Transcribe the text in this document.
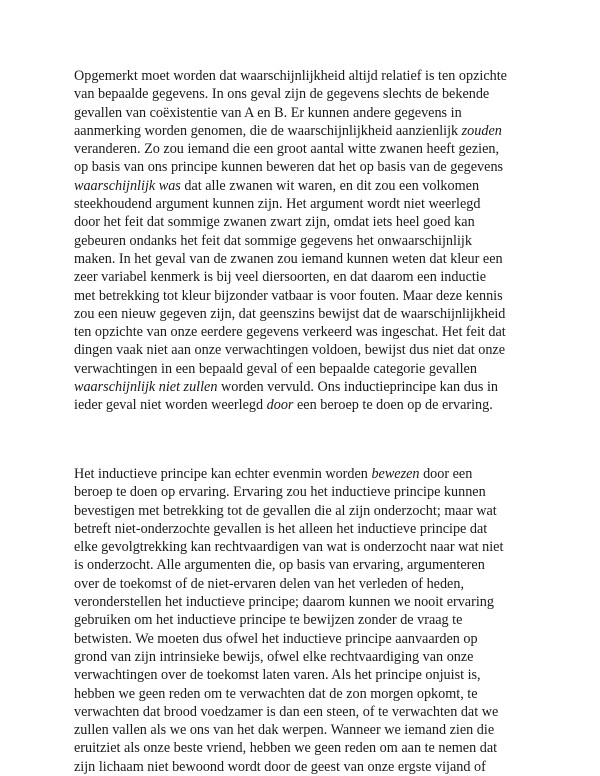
Opgemerkt moet worden dat waarschijnlijkheid altijd relatief is ten opzichte
van bepaalde gegevens. In ons geval zijn de gegevens slechts de bekende
gevallen van coëxistentie van A en B. Er kunnen andere gegevens in
aanmerking worden genomen, die de waarschijnlijkheid aanzienlijk zouden
veranderen. Zo zou iemand die een groot aantal witte zwanen heeft gezien,
op basis van ons principe kunnen beweren dat het op basis van de gegevens
waarschijnlijk was dat alle zwanen wit waren, en dit zou een volkomen
steekhoudend argument kunnen zijn. Het argument wordt niet weerlegd
door het feit dat sommige zwanen zwart zijn, omdat iets heel goed kan
gebeuren ondanks het feit dat sommige gegevens het onwaarschijnlijk
maken. In het geval van de zwanen zou iemand kunnen weten dat kleur een
zeer variabel kenmerk is bij veel diersoorten, en dat daarom een inductie
met betrekking tot kleur bijzonder vatbaar is voor fouten. Maar deze kennis
zou een nieuw gegeven zijn, dat geenszins bewijst dat de waarschijnlijkheid
ten opzichte van onze eerdere gegevens verkeerd was ingeschat. Het feit dat
dingen vaak niet aan onze verwachtingen voldoen, bewijst dus niet dat onze
verwachtingen in een bepaald geval of een bepaalde categorie gevallen
waarschijnlijk niet zullen worden vervuld. Ons inductieprincipe kan dus in
ieder geval niet worden weerlegd door een beroep te doen op de ervaring.
Het inductieve principe kan echter evenmin worden bewezen door een
beroep te doen op ervaring. Ervaring zou het inductieve principe kunnen
bevestigen met betrekking tot de gevallen die al zijn onderzocht; maar wat
betreft niet-onderzochte gevallen is het alleen het inductieve principe dat
elke gevolgtrekking kan rechtvaardigen van wat is onderzocht naar wat niet
is onderzocht. Alle argumenten die, op basis van ervaring, argumenteren
over de toekomst of de niet-ervaren delen van het verleden of heden,
veronderstellen het inductieve principe; daarom kunnen we nooit ervaring
gebruiken om het inductieve principe te bewijzen zonder de vraag te
betwisten. We moeten dus ofwel het inductieve principe aanvaarden op
grond van zijn intrinsieke bewijs, ofwel elke rechtvaardiging van onze
verwachtingen over de toekomst laten varen. Als het principe onjuist is,
hebben we geen reden om te verwachten dat de zon morgen opkomt, te
verwachten dat brood voedzamer is dan een steen, of te verwachten dat we
zullen vallen als we ons van het dak werpen. Wanneer we iemand zien die
eruitziet als onze beste vriend, hebben we geen reden om aan te nemen dat
zijn lichaam niet bewoond wordt door de geest van onze ergste vijand of
